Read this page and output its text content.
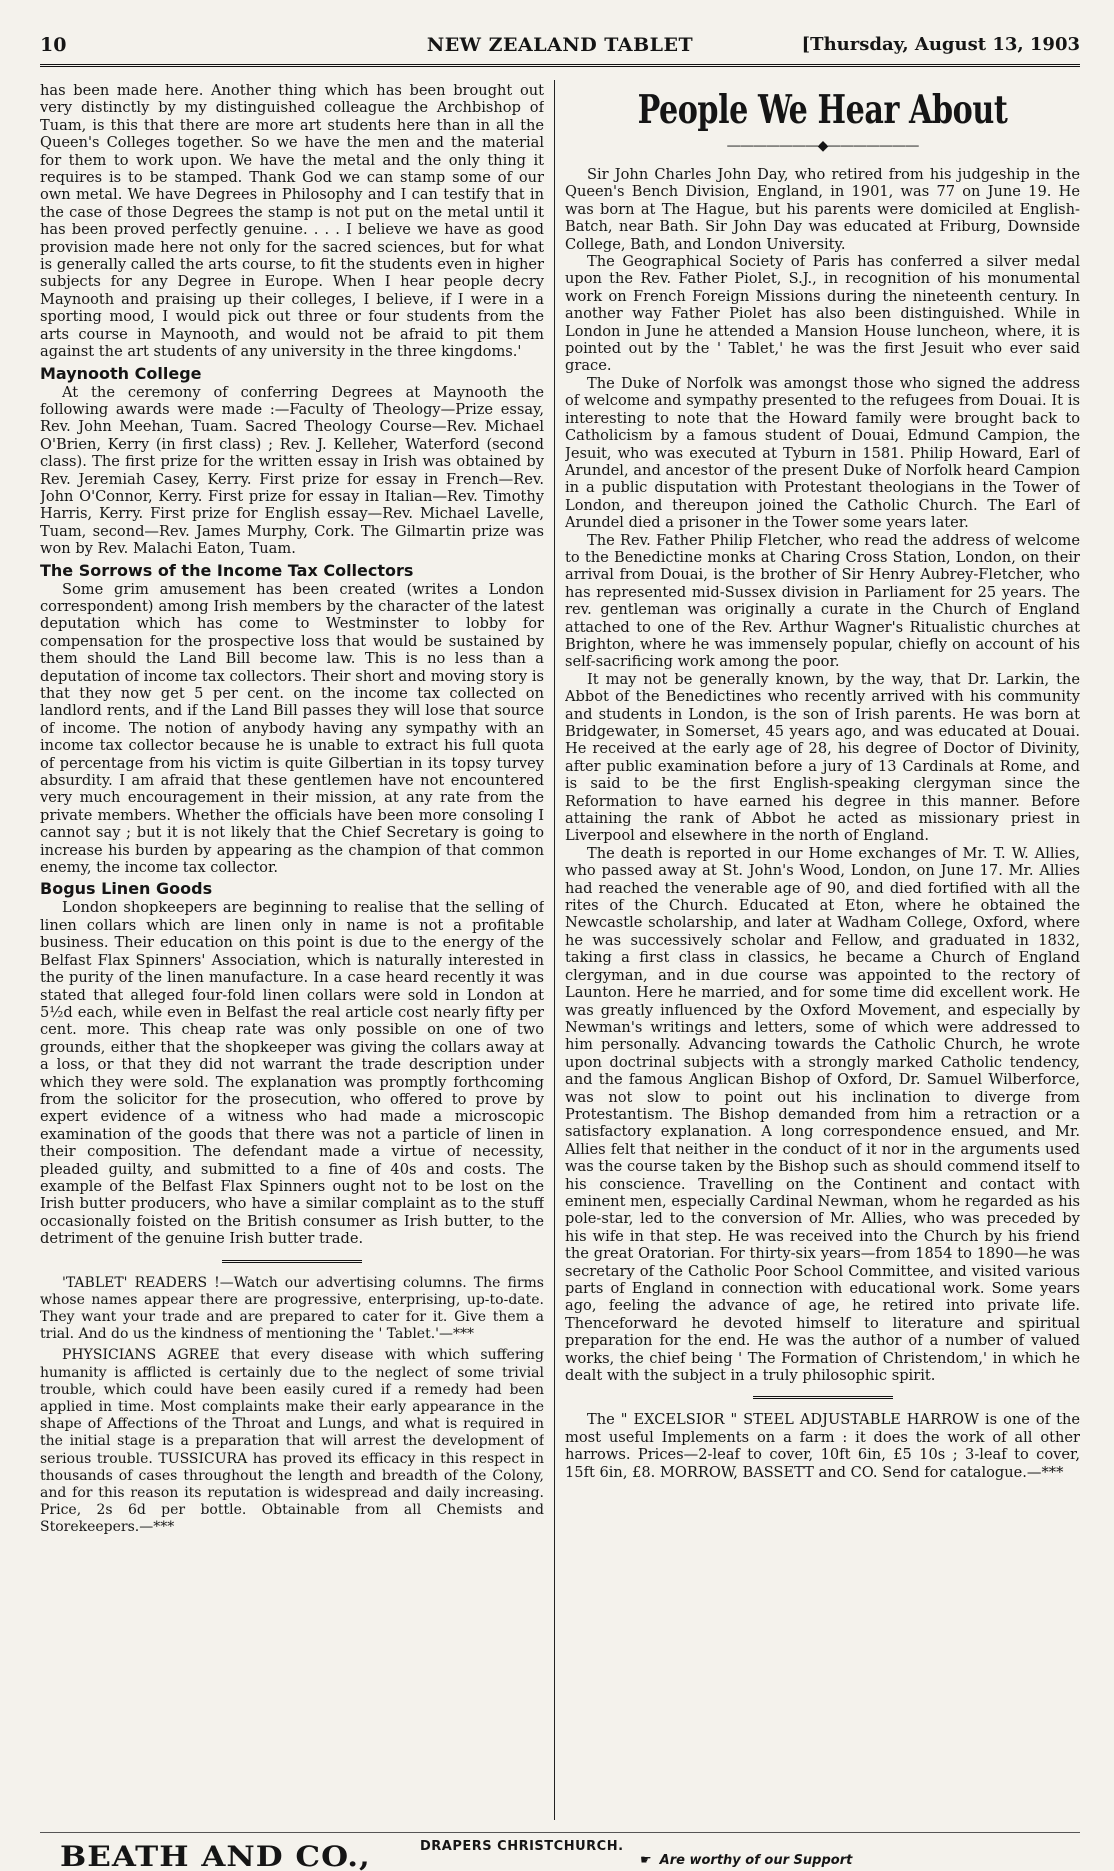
10	NEW ZEALAND TABLET	[Thursday, August 13, 1903

has been made here. Another thing which has been brought out very distinctly by my distinguished colleague the Archbishop of Tuam, is this that there are more art students here than in all the Queen's Colleges together. So we have the men and the material for them to work upon. We have the metal and the only thing it requires is to be stamped. Thank God we can stamp some of our own metal. We have Degrees in Philosophy and I can testify that in the case of those Degrees the stamp is not put on the metal until it has been proved perfectly genuine. . . . I believe we have as good provision made here not only for the sacred sciences, but for what is generally called the arts course, to fit the students even in higher subjects for any Degree in Europe. When I hear people decry Maynooth and praising up their colleges, I believe, if I were in a sporting mood, I would pick out three or four students from the arts course in Maynooth, and would not be afraid to pit them against the art students of any university in the three kingdoms.'

Maynooth College

At the ceremony of conferring Degrees at Maynooth the following awards were made :—Faculty of Theology—Prize essay, Rev. John Meehan, Tuam. Sacred Theology Course—Rev. Michael O'Brien, Kerry (in first class) ; Rev. J. Kelleher, Waterford (second class). The first prize for the written essay in Irish was obtained by Rev. Jeremiah Casey, Kerry. First prize for essay in French—Rev. John O'Connor, Kerry. First prize for essay in Italian—Rev. Timothy Harris, Kerry. First prize for English essay—Rev. Michael Lavelle, Tuam, second—Rev. James Murphy, Cork. The Gilmartin prize was won by Rev. Malachi Eaton, Tuam.

The Sorrows of the Income Tax Collectors

Some grim amusement has been created (writes a London correspondent) among Irish members by the character of the latest deputation which has come to Westminster to lobby for compensation for the prospective loss that would be sustained by them should the Land Bill become law. This is no less than a deputation of income tax collectors. Their short and moving story is that they now get 5 per cent. on the income tax collected on landlord rents, and if the Land Bill passes they will lose that source of income. The notion of anybody having any sympathy with an income tax collector because he is unable to extract his full quota of percentage from his victim is quite Gilbertian in its topsy turvey absurdity. I am afraid that these gentlemen have not encountered very much encouragement in their mission, at any rate from the private members. Whether the officials have been more consoling I cannot say ; but it is not likely that the Chief Secretary is going to increase his burden by appearing as the champion of that common enemy, the income tax collector.

Bogus Linen Goods

London shopkeepers are beginning to realise that the selling of linen collars which are linen only in name is not a profitable business. Their education on this point is due to the energy of the Belfast Flax Spinners' Association, which is naturally interested in the purity of the linen manufacture. In a case heard recently it was stated that alleged four-fold linen collars were sold in London at 5½d each, while even in Belfast the real article cost nearly fifty per cent. more. This cheap rate was only possible on one of two grounds, either that the shopkeeper was giving the collars away at a loss, or that they did not warrant the trade description under which they were sold. The explanation was promptly forthcoming from the solicitor for the prosecution, who offered to prove by expert evidence of a witness who had made a microscopic examination of the goods that there was not a particle of linen in their composition. The defendant made a virtue of necessity, pleaded guilty, and submitted to a fine of 40s and costs. The example of the Belfast Flax Spinners ought not to be lost on the Irish butter producers, who have a similar complaint as to the stuff occasionally foisted on the British consumer as Irish butter, to the detriment of the genuine Irish butter trade.

'TABLET' READERS !—Watch our advertising columns. The firms whose names appear there are progressive, enterprising, up-to-date. They want your trade and are prepared to cater for it. Give them a trial. And do us the kindness of mentioning the ' Tablet.'—***

PHYSICIANS AGREE that every disease with which suffering humanity is afflicted is certainly due to the neglect of some trivial trouble, which could have been easily cured if a remedy had been applied in time. Most complaints make their early appearance in the shape of Affections of the Throat and Lungs, and what is required in the initial stage is a preparation that will arrest the development of serious trouble. TUSSICURA has proved its efficacy in this respect in thousands of cases throughout the length and breadth of the Colony, and for this reason its reputation is widespread and daily increasing. Price, 2s 6d per bottle. Obtainable from all Chemists and Storekeepers.—***

People We Hear About
———————◆———————

Sir John Charles John Day, who retired from his judgeship in the Queen's Bench Division, England, in 1901, was 77 on June 19. He was born at The Hague, but his parents were domiciled at English-Batch, near Bath. Sir John Day was educated at Friburg, Downside College, Bath, and London University.

The Geographical Society of Paris has conferred a silver medal upon the Rev. Father Piolet, S.J., in recognition of his monumental work on French Foreign Missions during the nineteenth century. In another way Father Piolet has also been distinguished. While in London in June he attended a Mansion House luncheon, where, it is pointed out by the ' Tablet,' he was the first Jesuit who ever said grace.

The Duke of Norfolk was amongst those who signed the address of welcome and sympathy presented to the refugees from Douai. It is interesting to note that the Howard family were brought back to Catholicism by a famous student of Douai, Edmund Campion, the Jesuit, who was executed at Tyburn in 1581. Philip Howard, Earl of Arundel, and ancestor of the present Duke of Norfolk heard Campion in a public disputation with Protestant theologians in the Tower of London, and thereupon joined the Catholic Church. The Earl of Arundel died a prisoner in the Tower some years later.

The Rev. Father Philip Fletcher, who read the address of welcome to the Benedictine monks at Charing Cross Station, London, on their arrival from Douai, is the brother of Sir Henry Aubrey-Fletcher, who has represented mid-Sussex division in Parliament for 25 years. The rev. gentleman was originally a curate in the Church of England attached to one of the Rev. Arthur Wagner's Ritualistic churches at Brighton, where he was immensely popular, chiefly on account of his self-sacrificing work among the poor.

It may not be generally known, by the way, that Dr. Larkin, the Abbot of the Benedictines who recently arrived with his community and students in London, is the son of Irish parents. He was born at Bridgewater, in Somerset, 45 years ago, and was educated at Douai. He received at the early age of 28, his degree of Doctor of Divinity, after public examination before a jury of 13 Cardinals at Rome, and is said to be the first English-speaking clergyman since the Reformation to have earned his degree in this manner. Before attaining the rank of Abbot he acted as missionary priest in Liverpool and elsewhere in the north of England.

The death is reported in our Home exchanges of Mr. T. W. Allies, who passed away at St. John's Wood, London, on June 17. Mr. Allies had reached the venerable age of 90, and died fortified with all the rites of the Church. Educated at Eton, where he obtained the Newcastle scholarship, and later at Wadham College, Oxford, where he was successively scholar and Fellow, and graduated in 1832, taking a first class in classics, he became a Church of England clergyman, and in due course was appointed to the rectory of Launton. Here he married, and for some time did excellent work. He was greatly influenced by the Oxford Movement, and especially by Newman's writings and letters, some of which were addressed to him personally. Advancing towards the Catholic Church, he wrote upon doctrinal subjects with a strongly marked Catholic tendency, and the famous Anglican Bishop of Oxford, Dr. Samuel Wilberforce, was not slow to point out his inclination to diverge from Protestantism. The Bishop demanded from him a retraction or a satisfactory explanation. A long correspondence ensued, and Mr. Allies felt that neither in the conduct of it nor in the arguments used was the course taken by the Bishop such as should commend itself to his conscience. Travelling on the Continent and contact with eminent men, especially Cardinal Newman, whom he regarded as his pole-star, led to the conversion of Mr. Allies, who was preceded by his wife in that step. He was received into the Church by his friend the great Oratorian. For thirty-six years—from 1854 to 1890—he was secretary of the Catholic Poor School Committee, and visited various parts of England in connection with educational work. Some years ago, feeling the advance of age, he retired into private life. Thenceforward he devoted himself to literature and spiritual preparation for the end. He was the author of a number of valued works, the chief being ' The Formation of Christendom,' in which he dealt with the subject in a truly philosophic spirit.

The " EXCELSIOR " STEEL ADJUSTABLE HARROW is one of the most useful Implements on a farm : it does the work of all other harrows. Prices—2-leaf to cover, 10ft 6in, £5 10s ; 3-leaf to cover, 15ft 6in, £8. MORROW, BASSETT and CO. Send for catalogue.—***

BEATH AND CO.,	DRAPERS CHRISTCHURCH.
☛ Are worthy of our Support
